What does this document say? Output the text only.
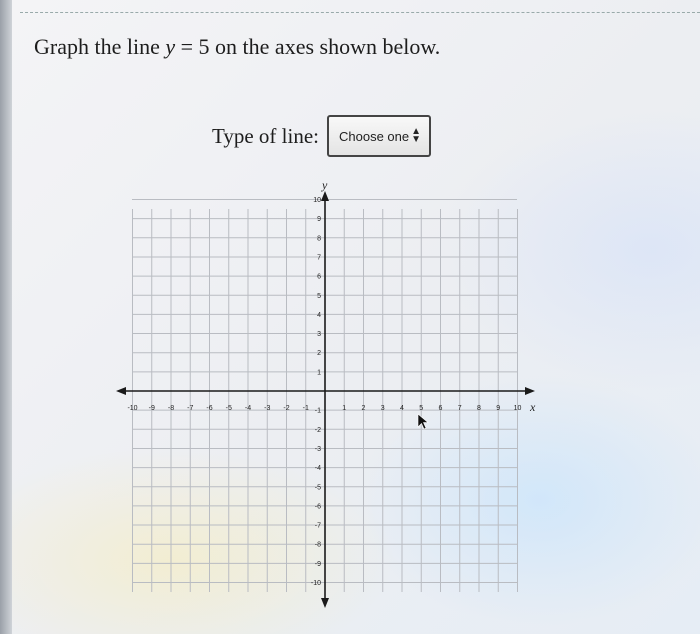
Graph the line y = 5 on the axes shown below.
Type of line: Choose one ▲
▼
-10 -9 -8 -7 -6 -5 -4 -3 -2 -1	1 2 3 4 5 6 7 8 9 10
10
9
8
7
6
5
4
3
2
1
-1
-2
-3
-4
-5
-6
-7
-8
-9
-10
x
y
